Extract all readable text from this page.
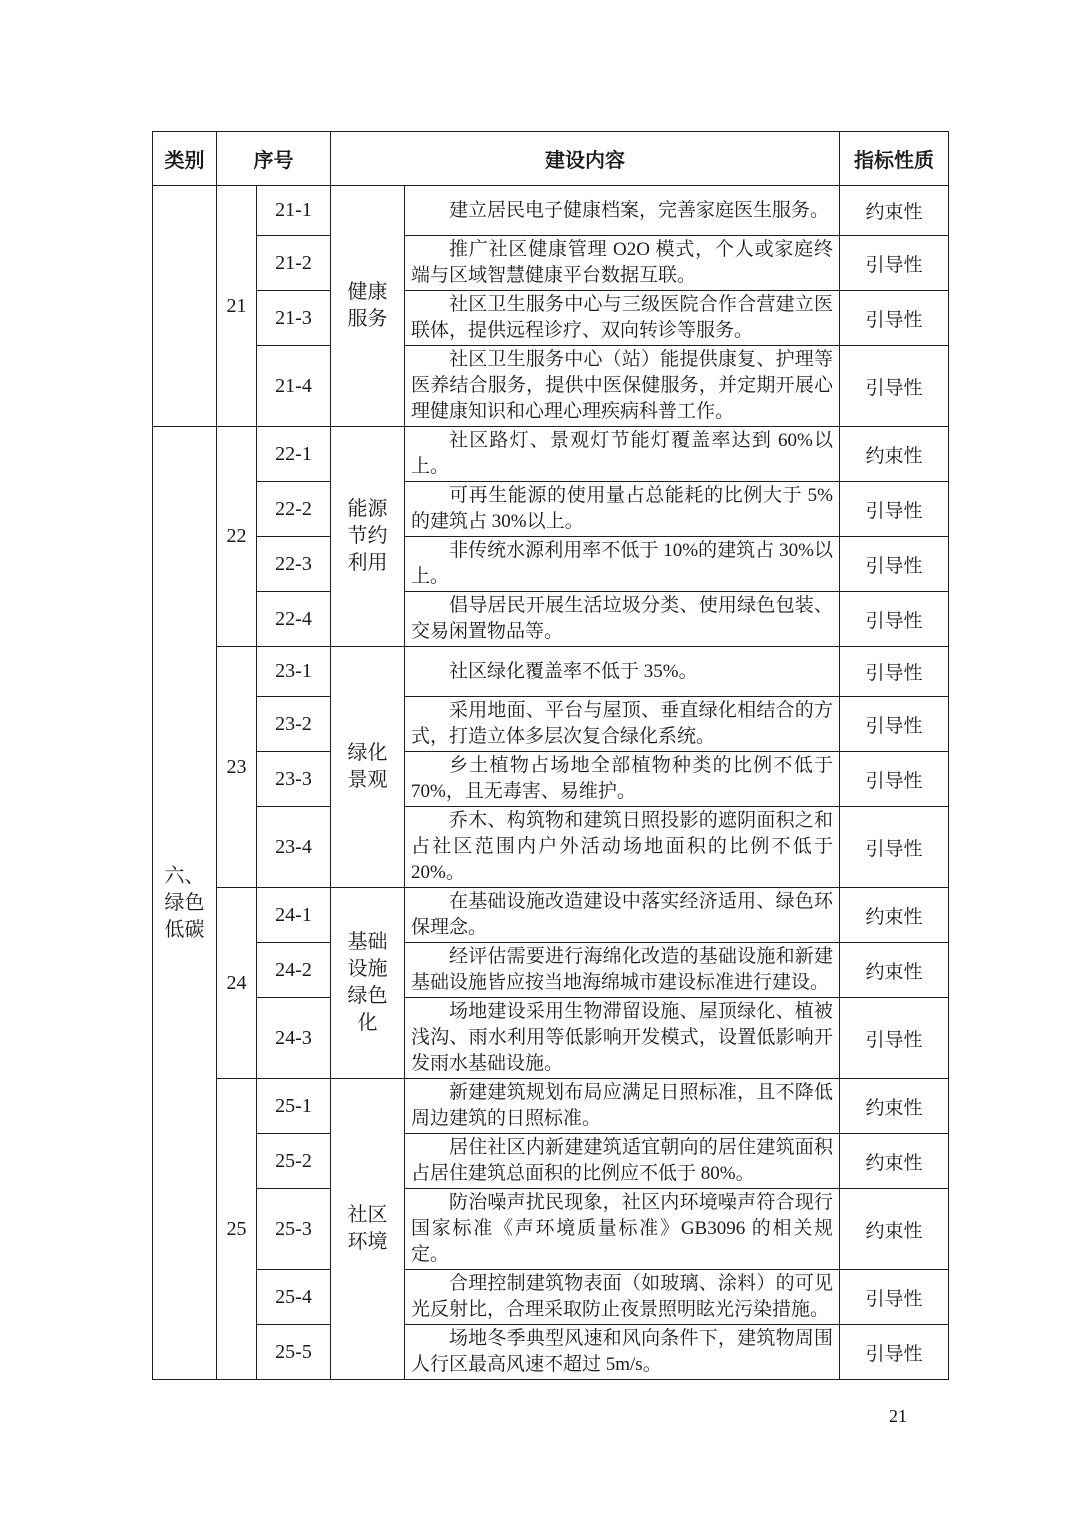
类别	序号		建设内容		指标性质
	21	21-1	健康服务	建立居民电子健康档案，完善家庭医生服务。	约束性
		21-2		推广社区健康管理 O2O 模式，个人或家庭终端与区域智慧健康平台数据互联。	引导性
		21-3		社区卫生服务中心与三级医院合作合营建立医联体，提供远程诊疗、双向转诊等服务。	引导性
		21-4		社区卫生服务中心（站）能提供康复、护理等医养结合服务，提供中医保健服务，并定期开展心理健康知识和心理心理疾病科普工作。	引导性
六、绿色低碳	22	22-1	能源节约利用	社区路灯、景观灯节能灯覆盖率达到 60%以上。	约束性
		22-2		可再生能源的使用量占总能耗的比例大于 5%的建筑占 30%以上。	引导性
		22-3		非传统水源利用率不低于 10%的建筑占 30%以上。	引导性
		22-4		倡导居民开展生活垃圾分类、使用绿色包装、交易闲置物品等。	引导性
	23	23-1	绿化景观	社区绿化覆盖率不低于 35%。	引导性
		23-2		采用地面、平台与屋顶、垂直绿化相结合的方式，打造立体多层次复合绿化系统。	引导性
		23-3		乡土植物占场地全部植物种类的比例不低于 70%，且无毒害、易维护。	引导性
		23-4		乔木、构筑物和建筑日照投影的遮阴面积之和占社区范围内户外活动场地面积的比例不低于 20%。	引导性
	24	24-1	基础设施绿色化	在基础设施改造建设中落实经济适用、绿色环保理念。	约束性
		24-2		经评估需要进行海绵化改造的基础设施和新建基础设施皆应按当地海绵城市建设标准进行建设。	约束性
		24-3		场地建设采用生物滞留设施、屋顶绿化、植被浅沟、雨水利用等低影响开发模式，设置低影响开发雨水基础设施。	引导性
	25	25-1	社区环境	新建建筑规划布局应满足日照标准，且不降低周边建筑的日照标准。	约束性
		25-2		居住社区内新建建筑适宜朝向的居住建筑面积占居住建筑总面积的比例应不低于 80%。	约束性
		25-3		防治噪声扰民现象，社区内环境噪声符合现行国家标准《声环境质量标准》GB3096 的相关规定。	约束性
		25-4		合理控制建筑物表面（如玻璃、涂料）的可见光反射比，合理采取防止夜景照明眩光污染措施。	引导性
		25-5		场地冬季典型风速和风向条件下，建筑物周围人行区最高风速不超过 5m/s。	引导性
21
